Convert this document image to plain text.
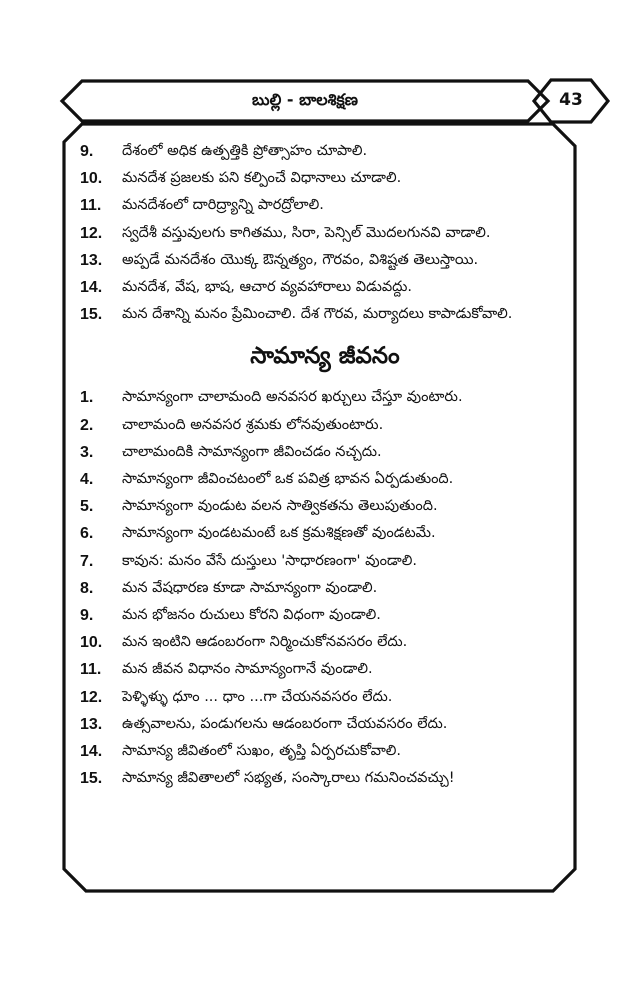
బుల్లి - బాలశిక్షణ	43
9.	దేశంలో అధిక ఉత్పత్తికి ప్రోత్సాహం చూపాలి.
10.	మనదేశ ప్రజలకు పని కల్పించే విధానాలు చూడాలి.
11.	మనదేశంలో దారిద్ర్యాన్ని పారద్రోలాలి.
12.	స్వదేశీ వస్తువులగు కాగితము, సిరా, పెన్సిల్ మొదలగునవి వాడాలి.
13.	అప్పడే మనదేశం యొక్క ఔన్నత్యం, గౌరవం, విశిష్టత తెలుస్తాయి.
14.	మనదేశ, వేష, భాష, ఆచార వ్యవహారాలు విడువద్దు.
15.	మన దేశాన్ని మనం ప్రేమించాలి. దేశ గౌరవ, మర్యాదలు కాపాడుకోవాలి.
సామాన్య జీవనం
1.	సామాన్యంగా చాలామంది అనవసర ఖర్చులు చేస్తూ వుంటారు.
2.	చాలామంది అనవసర శ్రమకు లోనవుతుంటారు.
3.	చాలామందికి సామాన్యంగా జీవించడం నచ్చదు.
4.	సామాన్యంగా జీవించటంలో ఒక పవిత్ర భావన ఏర్పడుతుంది.
5.	సామాన్యంగా వుండుట వలన సాత్వికతను తెలుపుతుంది.
6.	సామాన్యంగా వుండటమంటే ఒక క్రమశిక్షణతో వుండటమే.
7.	కావున: మనం వేసే దుస్తులు 'సాధారణంగా' వుండాలి.
8.	మన వేషధారణ కూడా సామాన్యంగా వుండాలి.
9.	మన భోజనం రుచులు కోరని విధంగా వుండాలి.
10.	మన ఇంటిని ఆడంబరంగా నిర్మించుకోనవసరం లేదు.
11.	మన జీవన విధానం సామాన్యంగానే వుండాలి.
12.	పెళ్ళిళ్ళు ధూం ... ధాం ...గా చేయనవసరం లేదు.
13.	ఉత్సవాలను, పండుగలను ఆడంబరంగా చేయవసరం లేదు.
14.	సామాన్య జీవితంలో సుఖం, తృప్తి ఏర్పరచుకోవాలి.
15.	సామాన్య జీవితాలలో సభ్యత, సంస్కారాలు గమనించవచ్చు!
